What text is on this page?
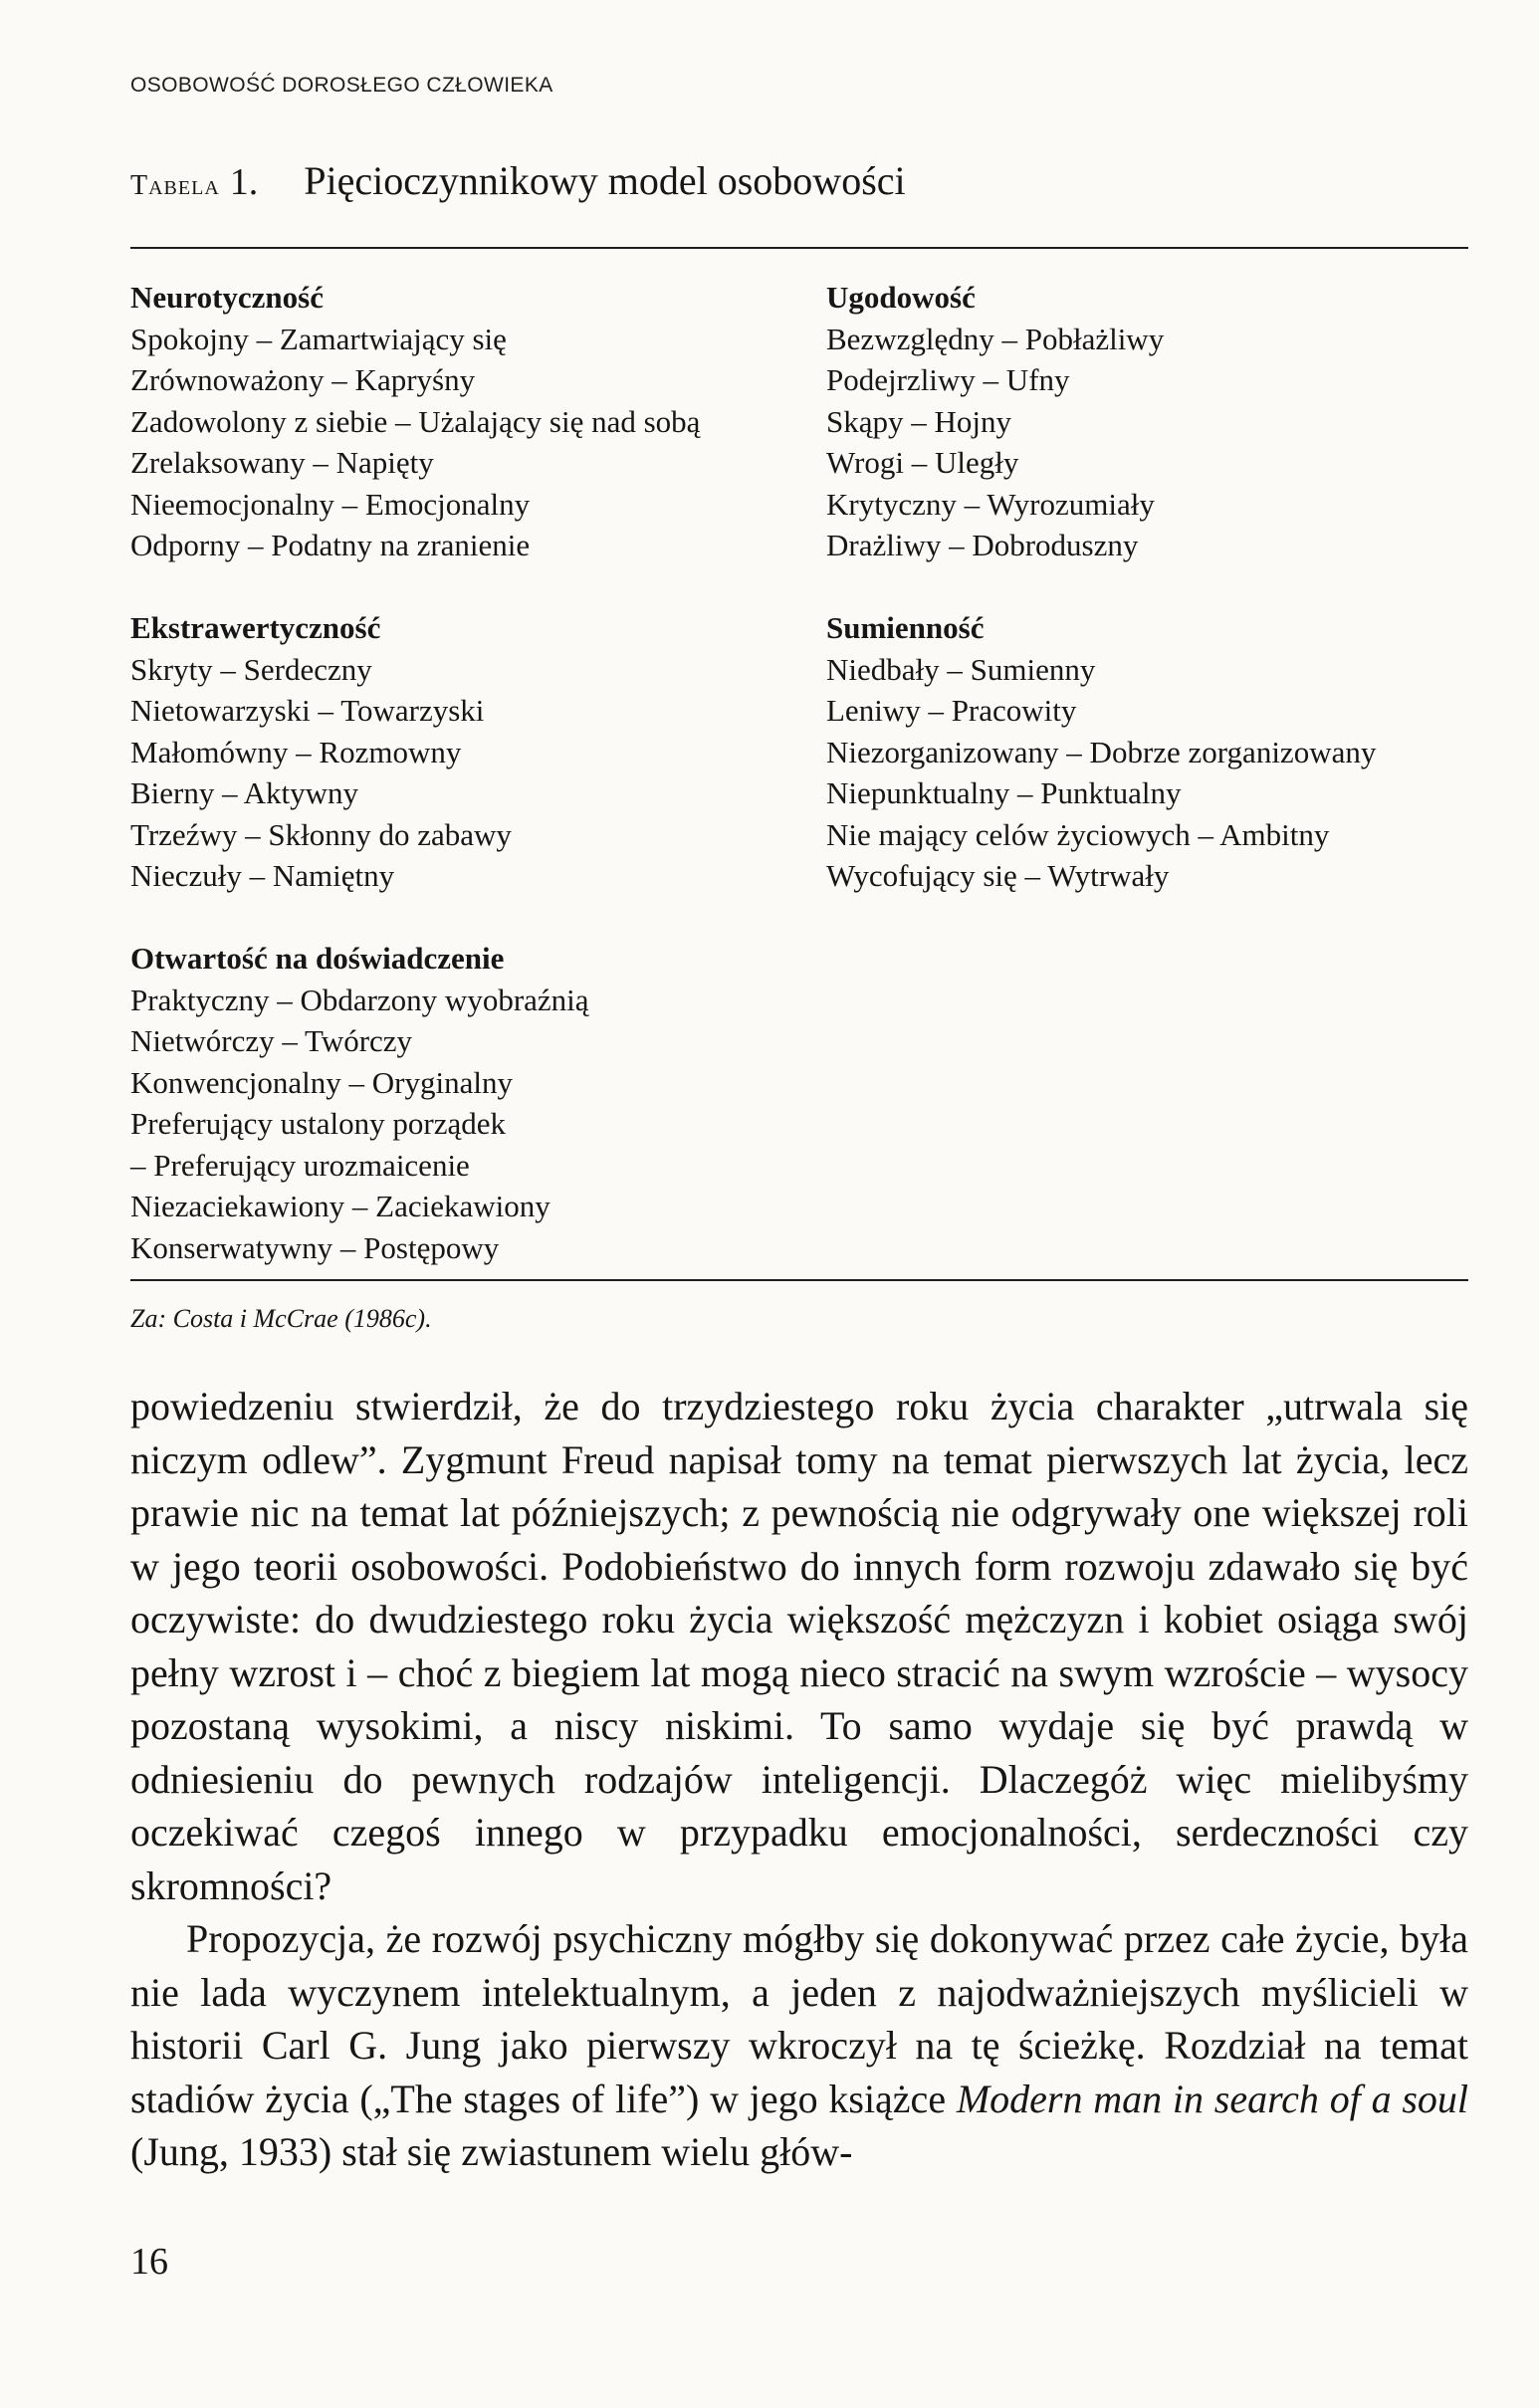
OSOBOWOŚĆ DOROSŁEGO CZŁOWIEKA
Tabela 1. Pięcioczynnikowy model osobowości
Neurotyczność
Spokojny – Zamartwiający się
Zrównoważony – Kapryśny
Zadowolony z siebie – Użalający się nad sobą
Zrelaksowany – Napięty
Nieemocjonalny – Emocjonalny
Odporny – Podatny na zranienie
Ekstrawertyczność
Skryty – Serdeczny
Nietowarzyski – Towarzyski
Małomówny – Rozmowny
Bierny – Aktywny
Trzeźwy – Skłonny do zabawy
Nieczuły – Namiętny
Otwartość na doświadczenie
Praktyczny – Obdarzony wyobraźnią
Nietwórczy – Twórczy
Konwencjonalny – Oryginalny
Preferujący ustalony porządek
– Preferujący urozmaicenie
Niezaciekawiony – Zaciekawiony
Konserwatywny – Postępowy
Ugodowość
Bezwzględny – Pobłażliwy
Podejrzliwy – Ufny
Skąpy – Hojny
Wrogi – Uległy
Krytyczny – Wyrozumiały
Drażliwy – Dobroduszny
Sumienność
Niedbały – Sumienny
Leniwy – Pracowity
Niezorganizowany – Dobrze zorganizowany
Niepunktualny – Punktualny
Nie mający celów życiowych – Ambitny
Wycofujący się – Wytrwały
Za: Costa i McCrae (1986c).

powiedzeniu stwierdził, że do trzydziestego roku życia charakter „utrwala się niczym odlew”. Zygmunt Freud napisał tomy na temat pierwszych lat życia, lecz prawie nic na temat lat późniejszych; z pewnością nie odgrywały one większej roli w jego teorii osobowości. Podobieństwo do innych form rozwoju zdawało się być oczywiste: do dwudziestego roku życia większość mężczyzn i kobiet osiąga swój pełny wzrost i – choć z biegiem lat mogą nieco stracić na swym wzroście – wysocy pozostaną wysokimi, a niscy niskimi. To samo wydaje się być prawdą w odniesieniu do pewnych rodzajów inteligencji. Dlaczegóż więc mielibyśmy oczekiwać czegoś innego w przypadku emocjonalności, serdeczności czy skromności?

Propozycja, że rozwój psychiczny mógłby się dokonywać przez całe życie, była nie lada wyczynem intelektualnym, a jeden z najodważniejszych myślicieli w historii Carl G. Jung jako pierwszy wkroczył na tę ścieżkę. Rozdział na temat stadiów życia („The stages of life”) w jego książce Modern man in search of a soul (Jung, 1933) stał się zwiastunem wielu głów-

16
